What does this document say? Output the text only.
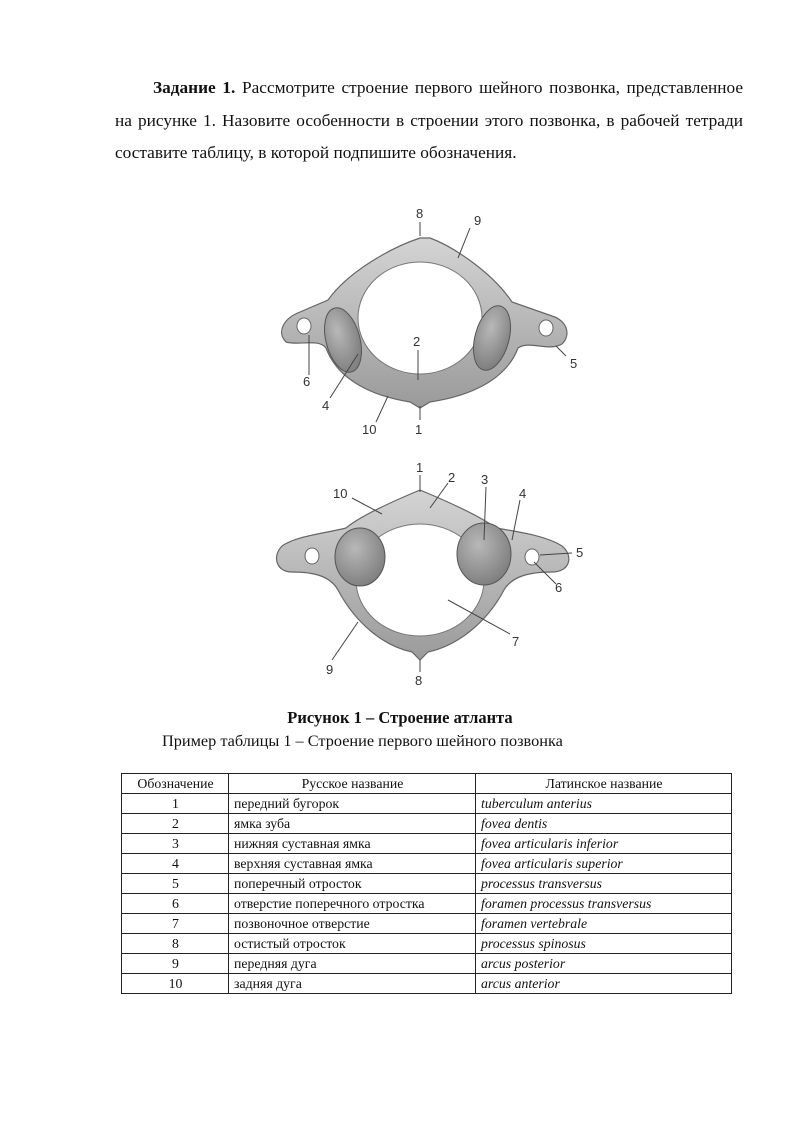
Задание 1. Рассмотрите строение первого шейного позвонка, представленное на рисунке 1. Назовите особенности в строении этого позвонка, в рабочей тетради составите таблицу, в которой подпишите обозначения.

8	9
2
5
6
4
10	1
1
2 3
4
10
5
6
7
9
8

Рисунок 1 – Строение атланта

Пример таблицы 1 – Строение первого шейного позвонка

Обозначение	Русское название	Латинское название
1	передний бугорок	tuberculum anterius
2	ямка зуба	fovea dentis
3	нижняя суставная ямка	fovea articularis inferior
4	верхняя суставная ямка	fovea articularis superior
5	поперечный отросток	processus transversus
6	отверстие поперечного отростка	foramen processus transversus
7	позвоночное отверстие	foramen vertebrale
8	остистый отросток	processus spinosus
9	передняя дуга	arcus posterior
10	задняя дуга	arcus anterior
